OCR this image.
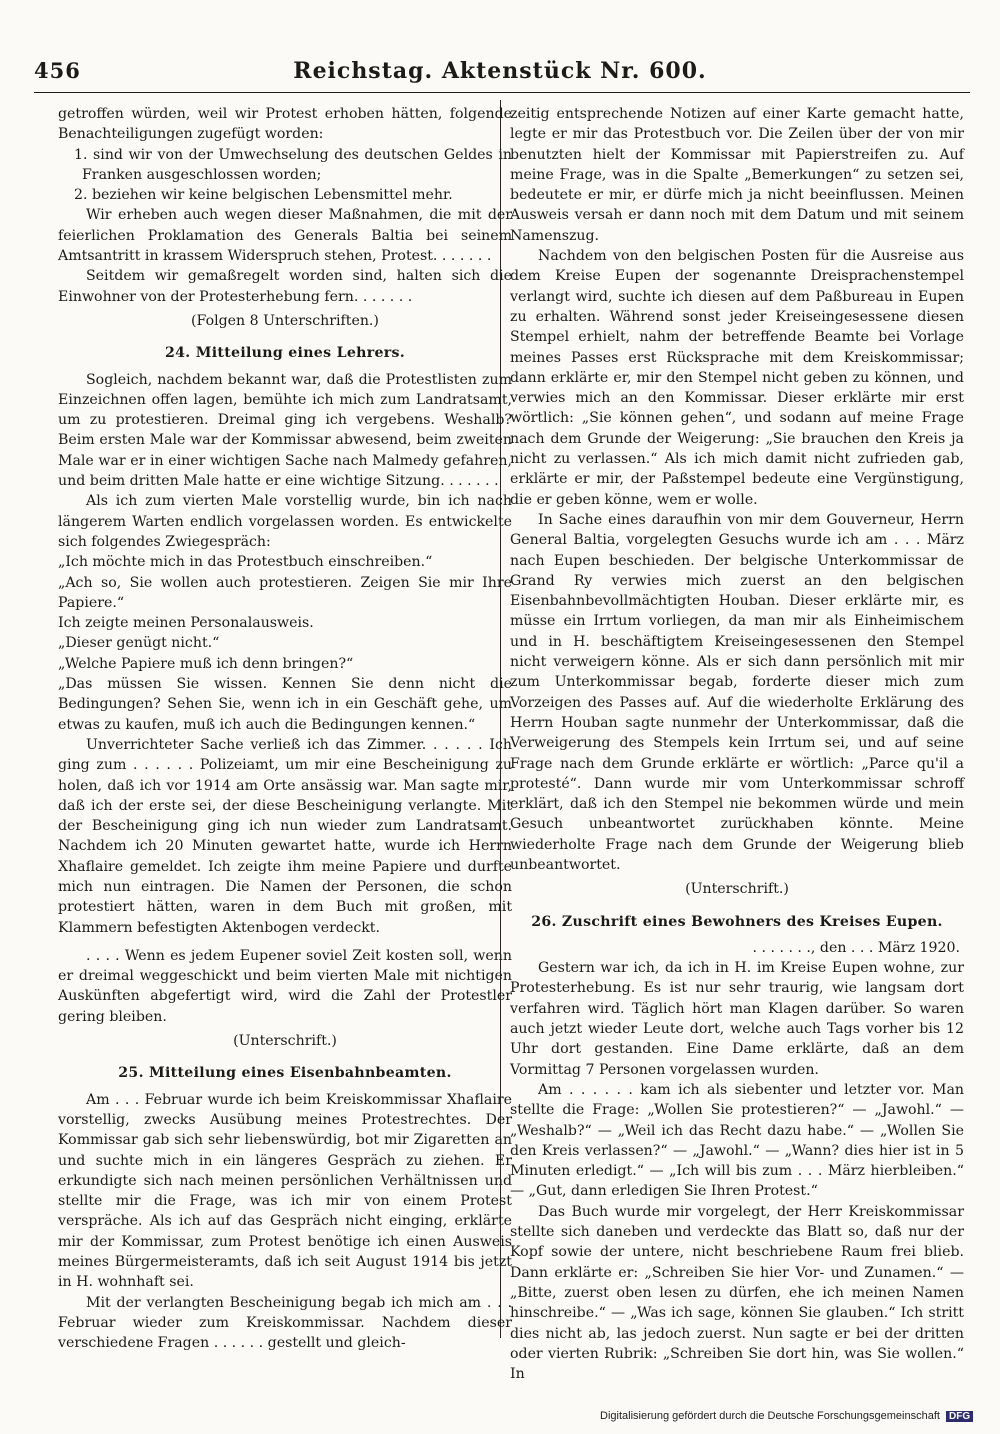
456	Reichstag. Aktenstück Nr. 600.

getroffen würden, weil wir Protest erhoben hätten, folgende Benachteiligungen zugefügt worden:

1. sind wir von der Umwechselung des deutschen Geldes in Franken ausgeschlossen worden;

2. beziehen wir keine belgischen Lebensmittel mehr.

Wir erheben auch wegen dieser Maßnahmen, die mit der feierlichen Proklamation des Generals Baltia bei seinem Amtsantritt in krassem Widerspruch stehen, Protest. . . . . . .

Seitdem wir gemaßregelt worden sind, halten sich die Einwohner von der Protesterhebung fern. . . . . . .

(Folgen 8 Unterschriften.)

24. Mitteilung eines Lehrers.

Sogleich, nachdem bekannt war, daß die Protestlisten zum Einzeichnen offen lagen, bemühte ich mich zum Landratsamt, um zu protestieren. Dreimal ging ich vergebens. Weshalb? Beim ersten Male war der Kommissar abwesend, beim zweiten Male war er in einer wichtigen Sache nach Malmedy gefahren, und beim dritten Male hatte er eine wichtige Sitzung. . . . . . .

Als ich zum vierten Male vorstellig wurde, bin ich nach längerem Warten endlich vorgelassen worden. Es entwickelte sich folgendes Zwiegespräch:

„Ich möchte mich in das Protestbuch einschreiben.“

„Ach so, Sie wollen auch protestieren. Zeigen Sie mir Ihre Papiere.“

Ich zeigte meinen Personalausweis.

„Dieser genügt nicht.“

„Welche Papiere muß ich denn bringen?“

„Das müssen Sie wissen. Kennen Sie denn nicht die Bedingungen? Sehen Sie, wenn ich in ein Geschäft gehe, um etwas zu kaufen, muß ich auch die Bedingungen kennen.“

Unverrichteter Sache verließ ich das Zimmer. . . . . . Ich ging zum . . . . . . Polizeiamt, um mir eine Bescheinigung zu holen, daß ich vor 1914 am Orte ansässig war. Man sagte mir, daß ich der erste sei, der diese Bescheinigung verlangte. Mit der Bescheinigung ging ich nun wieder zum Landratsamt. Nachdem ich 20 Minuten gewartet hatte, wurde ich Herrn Xhaflaire gemeldet. Ich zeigte ihm meine Papiere und durfte mich nun eintragen. Die Namen der Personen, die schon protestiert hätten, waren in dem Buch mit großen, mit Klammern befestigten Aktenbogen verdeckt.

. . . . Wenn es jedem Eupener soviel Zeit kosten soll, wenn er dreimal weggeschickt und beim vierten Male mit nichtigen Auskünften abgefertigt wird, wird die Zahl der Protestler gering bleiben.

(Unterschrift.)

25. Mitteilung eines Eisenbahnbeamten.

Am . . . Februar wurde ich beim Kreiskommissar Xhaflaire vorstellig, zwecks Ausübung meines Protestrechtes. Der Kommissar gab sich sehr liebenswürdig, bot mir Zigaretten an und suchte mich in ein längeres Gespräch zu ziehen. Er erkundigte sich nach meinen persönlichen Verhältnissen und stellte mir die Frage, was ich mir von einem Protest verspräche. Als ich auf das Gespräch nicht einging, erklärte mir der Kommissar, zum Protest benötige ich einen Ausweis meines Bürgermeisteramts, daß ich seit August 1914 bis jetzt in H. wohnhaft sei.

Mit der verlangten Bescheinigung begab ich mich am . . . Februar wieder zum Kreiskommissar. Nachdem dieser verschiedene Fragen . . . . . . gestellt und gleich-

zeitig entsprechende Notizen auf einer Karte gemacht hatte, legte er mir das Protestbuch vor. Die Zeilen über der von mir benutzten hielt der Kommissar mit Papierstreifen zu. Auf meine Frage, was in die Spalte „Bemerkungen“ zu setzen sei, bedeutete er mir, er dürfe mich ja nicht beeinflussen. Meinen Ausweis versah er dann noch mit dem Datum und mit seinem Namenszug.

Nachdem von den belgischen Posten für die Ausreise aus dem Kreise Eupen der sogenannte Dreisprachenstempel verlangt wird, suchte ich diesen auf dem Paßbureau in Eupen zu erhalten. Während sonst jeder Kreiseingesessene diesen Stempel erhielt, nahm der betreffende Beamte bei Vorlage meines Passes erst Rücksprache mit dem Kreiskommissar; dann erklärte er, mir den Stempel nicht geben zu können, und verwies mich an den Kommissar. Dieser erklärte mir erst wörtlich: „Sie können gehen“, und sodann auf meine Frage nach dem Grunde der Weigerung: „Sie brauchen den Kreis ja nicht zu verlassen.“ Als ich mich damit nicht zufrieden gab, erklärte er mir, der Paßstempel bedeute eine Vergünstigung, die er geben könne, wem er wolle.

In Sache eines daraufhin von mir dem Gouverneur, Herrn General Baltia, vorgelegten Gesuchs wurde ich am . . . März nach Eupen beschieden. Der belgische Unterkommissar de Grand Ry verwies mich zuerst an den belgischen Eisenbahnbevollmächtigten Houban. Dieser erklärte mir, es müsse ein Irrtum vorliegen, da man mir als Einheimischem und in H. beschäftigtem Kreiseingesessenen den Stempel nicht verweigern könne. Als er sich dann persönlich mit mir zum Unterkommissar begab, forderte dieser mich zum Vorzeigen des Passes auf. Auf die wiederholte Erklärung des Herrn Houban sagte nunmehr der Unterkommissar, daß die Verweigerung des Stempels kein Irrtum sei, und auf seine Frage nach dem Grunde erklärte er wörtlich: „Parce qu'il a protesté“. Dann wurde mir vom Unterkommissar schroff erklärt, daß ich den Stempel nie bekommen würde und mein Gesuch unbeantwortet zurückhaben könnte. Meine wiederholte Frage nach dem Grunde der Weigerung blieb unbeantwortet.

(Unterschrift.)

26. Zuschrift eines Bewohners des Kreises Eupen.

. . . . . . ., den . . . März 1920.

Gestern war ich, da ich in H. im Kreise Eupen wohne, zur Protesterhebung. Es ist nur sehr traurig, wie langsam dort verfahren wird. Täglich hört man Klagen darüber. So waren auch jetzt wieder Leute dort, welche auch Tags vorher bis 12 Uhr dort gestanden. Eine Dame erklärte, daß an dem Vormittag 7 Personen vorgelassen wurden.

Am . . . . . . kam ich als siebenter und letzter vor. Man stellte die Frage: „Wollen Sie protestieren?“ — „Jawohl.“ — „Weshalb?“ — „Weil ich das Recht dazu habe.“ — „Wollen Sie den Kreis verlassen?“ — „Jawohl.“ — „Wann? dies hier ist in 5 Minuten erledigt.“ — „Ich will bis zum . . . März hierbleiben.“ — „Gut, dann erledigen Sie Ihren Protest.“

Das Buch wurde mir vorgelegt, der Herr Kreiskommissar stellte sich daneben und verdeckte das Blatt so, daß nur der Kopf sowie der untere, nicht beschriebene Raum frei blieb. Dann erklärte er: „Schreiben Sie hier Vor- und Zunamen.“ — „Bitte, zuerst oben lesen zu dürfen, ehe ich meinen Namen hinschreibe.“ — „Was ich sage, können Sie glauben.“ Ich stritt dies nicht ab, las jedoch zuerst. Nun sagte er bei der dritten oder vierten Rubrik: „Schreiben Sie dort hin, was Sie wollen.“ In

Digitalisierung gefördert durch die Deutsche Forschungsgemeinschaft DFG
